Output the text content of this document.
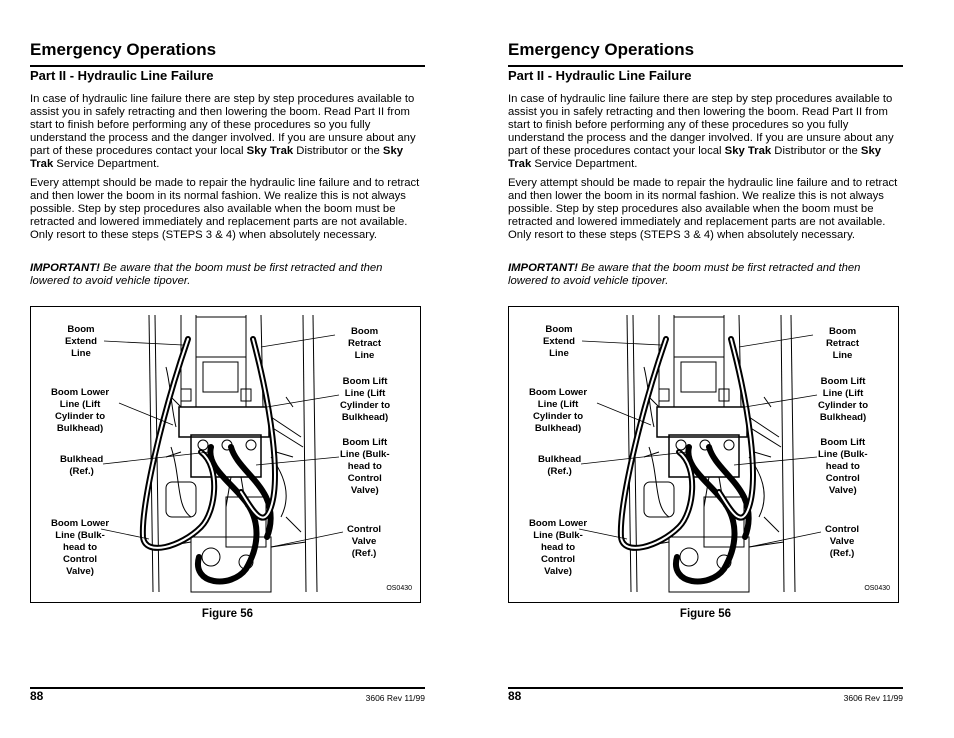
Emergency Operations
Part II - Hydraulic Line Failure

In case of hydraulic line failure there are step by step procedures available to assist you in safely retracting and then lowering the boom. Read Part II from start to finish before performing any of these procedures so you fully understand the process and the danger involved. If you are unsure about any part of these procedures contact your local Sky Trak Distributor or the Sky Trak Service Department.

Every attempt should be made to repair the hydraulic line failure and to retract and then lower the boom in its normal fashion. We realize this is not always possible. Step by step procedures also available when the boom must be retracted and lowered immediately and replacement parts are not available. Only resort to these steps (STEPS 3 & 4) when absolutely necessary.

IMPORTANT! Be aware that the boom must be first retracted and then lowered to avoid vehicle tipover.

Boom
Extend
Line
Boom Lower
Line (Lift
Cylinder to
Bulkhead)
Bulkhead
(Ref.)
Boom Lower
Line (Bulk-
head to
Control
Valve)
Boom
Retract
Line
Boom Lift
Line (Lift
Cylinder to
Bulkhead)
Boom Lift
Line (Bulk-
head to
Control
Valve)
Control
Valve
(Ref.)
OS0430
Figure 56
88	3606 Rev 11/99
Emergency Operations
Part II - Hydraulic Line Failure

In case of hydraulic line failure there are step by step procedures available to assist you in safely retracting and then lowering the boom. Read Part II from start to finish before performing any of these procedures so you fully understand the process and the danger involved. If you are unsure about any part of these procedures contact your local Sky Trak Distributor or the Sky Trak Service Department.

Every attempt should be made to repair the hydraulic line failure and to retract and then lower the boom in its normal fashion. We realize this is not always possible. Step by step procedures also available when the boom must be retracted and lowered immediately and replacement parts are not available. Only resort to these steps (STEPS 3 & 4) when absolutely necessary.

IMPORTANT! Be aware that the boom must be first retracted and then lowered to avoid vehicle tipover.

Boom
Extend
Line
Boom Lower
Line (Lift
Cylinder to
Bulkhead)
Bulkhead
(Ref.)
Boom Lower
Line (Bulk-
head to
Control
Valve)
Boom
Retract
Line
Boom Lift
Line (Lift
Cylinder to
Bulkhead)
Boom Lift
Line (Bulk-
head to
Control
Valve)
Control
Valve
(Ref.)
OS0430
Figure 56
88	3606 Rev 11/99
